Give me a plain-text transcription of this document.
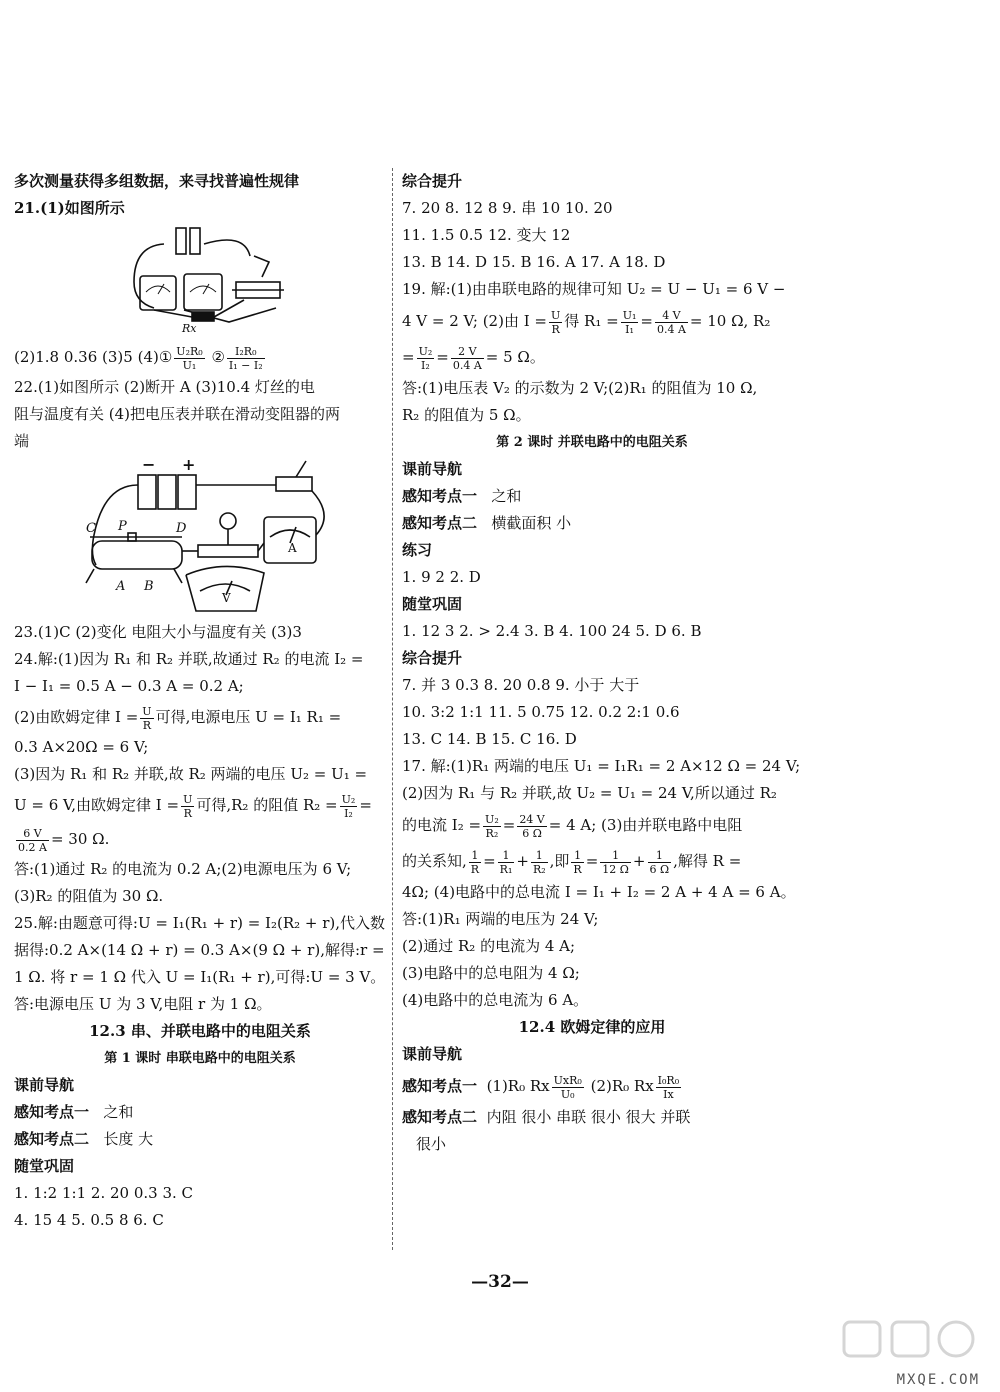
多次测量获得多组数据，来寻找普遍性规律
21.(1)如图所示
Rx
(2)1.8 0.36 (3)5 (4)① $\frac{\text{U₂R₀}}{\text{U₁}}$ ② $\frac{\text{I₂R₀}}{\text{I₁ − I₂}}$
22.(1)如图所示 (2)断开 A (3)10.4 灯丝的电
阻与温度有关 (4)把电压表并联在滑动变阻器的两
端
− +
C P	D
A B
A
V
23.(1)C (2)变化 电阻大小与温度有关 (3)3
24.解:(1)因为 R₁ 和 R₂ 并联,故通过 R₂ 的电流 I₂ =
I − I₁ = 0.5 A − 0.3 A = 0.2 A;
(2)由欧姆定律 $I = \frac{U}{R}$ 可得,电源电压 U = I₁ R₁ =
0.3 A×20Ω = 6 V;
(3)因为 R₁ 和 R₂ 并联,故 R₂ 两端的电压 U₂ = U₁ =
U = 6 V,由欧姆定律 $I = \frac{U}{R}$ 可得,R₂ 的阻值 $R_2 = \frac{\text{U₂}}{\text{I₂}}$ =
$\frac{6 V}{0.2 A} = 30$ Ω.
答:(1)通过 R₂ 的电流为 0.2 A;(2)电源电压为 6 V;
(3)R₂ 的阻值为 30 Ω.
25.解:由题意可得:U = I₁(R₁ + r) = I₂(R₂ + r),代入数
据得:0.2 A×(14 Ω + r) = 0.3 A×(9 Ω + r),解得:r =
1 Ω. 将 r = 1 Ω 代入 U = I₁(R₁ + r),可得:U = 3 V。
答:电源电压 U 为 3 V,电阻 r 为 1 Ω。
12.3 串、并联电路中的电阻关系
第 1 课时 串联电路中的电阻关系
课前导航
感知考点一 之和
感知考点二 长度 大
随堂巩固
1. 1:2 1:1 2. 20 0.3 3. C
4. 15 4 5. 0.5 8 6. C
综合提升
7. 20 8. 12 8 9. 串 10 10. 20
11. 1.5 0.5 12. 变大 12
13. B 14. D 15. B 16. A 17. A 18. D
19. 解:(1)由串联电路的规律可知 U₂ = U − U₁ = 6 V −
4 V = 2 V; (2)由 $I = \frac{U}{R}$ 得 $R_1 = \frac{\text{U₁}}{\text{I₁}} = \frac{4 V}{0.4 A} = 10$ Ω, R₂
= $\frac{\text{U₂}}{\text{I₂}} = \frac{2 V}{0.4 A} = 5$ Ω。
答:(1)电压表 V₂ 的示数为 2 V;(2)R₁ 的阻值为 10 Ω,
R₂ 的阻值为 5 Ω。
第 2 课时 并联电路中的电阻关系
课前导航
感知考点一 之和
感知考点二 横截面积 小
练习
1. 9 2 2. D
随堂巩固
1. 12 3 2. > 2.4 3. B 4. 100 24 5. D 6. B
综合提升
7. 并 3 0.3 8. 20 0.8 9. 小于 大于
10. 3:2 1:1 11. 5 0.75 12. 0.2 2:1 0.6
13. C 14. B 15. C 16. D
17. 解:(1)R₁ 两端的电压 U₁ = I₁R₁ = 2 A×12 Ω = 24 V;
(2)因为 R₁ 与 R₂ 并联,故 U₂ = U₁ = 24 V,所以通过 R₂
的电流 $I_2 = \frac{\text{U₂}}{\text{R₂}} = \frac{24 V}{6 \Omega} = 4$ A; (3)由并联电路中电阻
的关系知, $\frac{1}{R} = \frac{1}{\text{R₁}} + \frac{1}{\text{R₂}}$ ,即 $\frac{1}{R} = \frac{1}{12 \Omega} + \frac{1}{6 \Omega}$ ,解得 R =
4Ω; (4)电路中的总电流 I = I₁ + I₂ = 2 A + 4 A = 6 A。
答:(1)R₁ 两端的电压为 24 V;
(2)通过 R₂ 的电流为 4 A;
(3)电路中的总电阻为 4 Ω;
(4)电路中的总电流为 6 A。
12.4 欧姆定律的应用
课前导航
感知考点一 (1)R₀ Rx $\frac{\text{UxR₀}}{\text{U₀}} (2)R_0$ Rx $\frac{\text{I₀R₀}}{Ix}$
感知考点二 内阻 很小 串联 很小 很大 并联
很小
—32—
MXQE.COM
